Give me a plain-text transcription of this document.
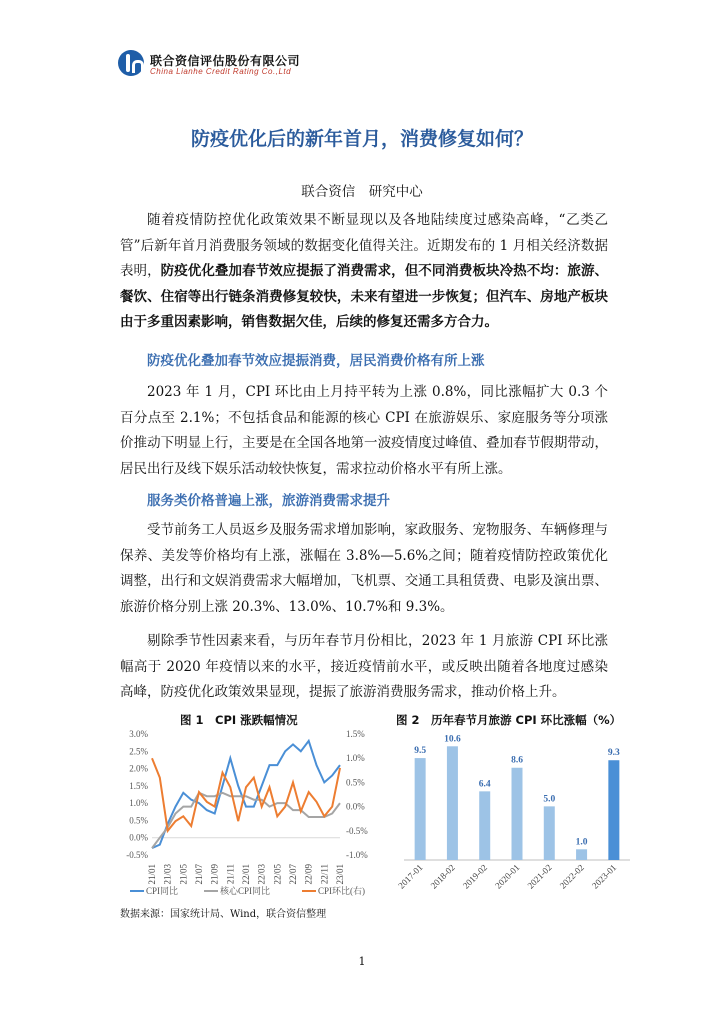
联合资信评估股份有限公司
China Lianhe Credit Rating Co.,Ltd
防疫优化后的新年首月，消费修复如何？
联合资信　研究中心

随着疫情防控优化政策效果不断显现以及各地陆续度过感染高峰，“乙类乙管”后新年首月消费服务领域的数据变化值得关注。近期发布的 1 月相关经济数据表明，防疫优化叠加春节效应提振了消费需求，但不同消费板块冷热不均：旅游、餐饮、住宿等出行链条消费修复较快，未来有望进一步恢复；但汽车、房地产板块由于多重因素影响，销售数据欠佳，后续的修复还需多方合力。

防疫优化叠加春节效应提振消费，居民消费价格有所上涨

2023 年 1 月，CPI 环比由上月持平转为上涨 0.8%，同比涨幅扩大 0.3 个百分点至 2.1%；不包括食品和能源的核心 CPI 在旅游娱乐、家庭服务等分项涨价推动下明显上行，主要是在全国各地第一波疫情度过峰值、叠加春节假期带动，居民出行及线下娱乐活动较快恢复，需求拉动价格水平有所上涨。

服务类价格普遍上涨，旅游消费需求提升

受节前务工人员返乡及服务需求增加影响，家政服务、宠物服务、车辆修理与保养、美发等价格均有上涨，涨幅在 3.8%—5.6%之间；随着疫情防控政策优化调整，出行和文娱消费需求大幅增加，飞机票、交通工具租赁费、电影及演出票、旅游价格分别上涨 20.3%、13.0%、10.7%和 9.3%。

剔除季节性因素来看，与历年春节月份相比，2023 年 1 月旅游 CPI 环比涨幅高于 2020 年疫情以来的水平，接近疫情前水平，或反映出随着各地度过感染高峰，防疫优化政策效果显现，提振了旅游消费服务需求，推动价格上升。

图 1　CPI 涨跌幅情况	图 2　历年春节月旅游 CPI 环比涨幅（%）
-0.5%
0.0%
0.5%
1.0%
1.5%
2.0%
2.5%
3.0%
-1.0%
-0.5%
0.0%
0.5%
1.0%
1.5%
21/01 21/03 21/05 21/07 21/09 21/11 22/01 22/03 22/05 22/07 22/09 22/11 23/01
CPI同比	核心CPI同比	CPI环比(右)
9.5
10.6
6.4
8.6
5.0
1.0
9.3
2017-01 2018-02 2019-02 2020-01 2021-02 2022-02 2023-01
数据来源：国家统计局、Wind，联合资信整理
1
